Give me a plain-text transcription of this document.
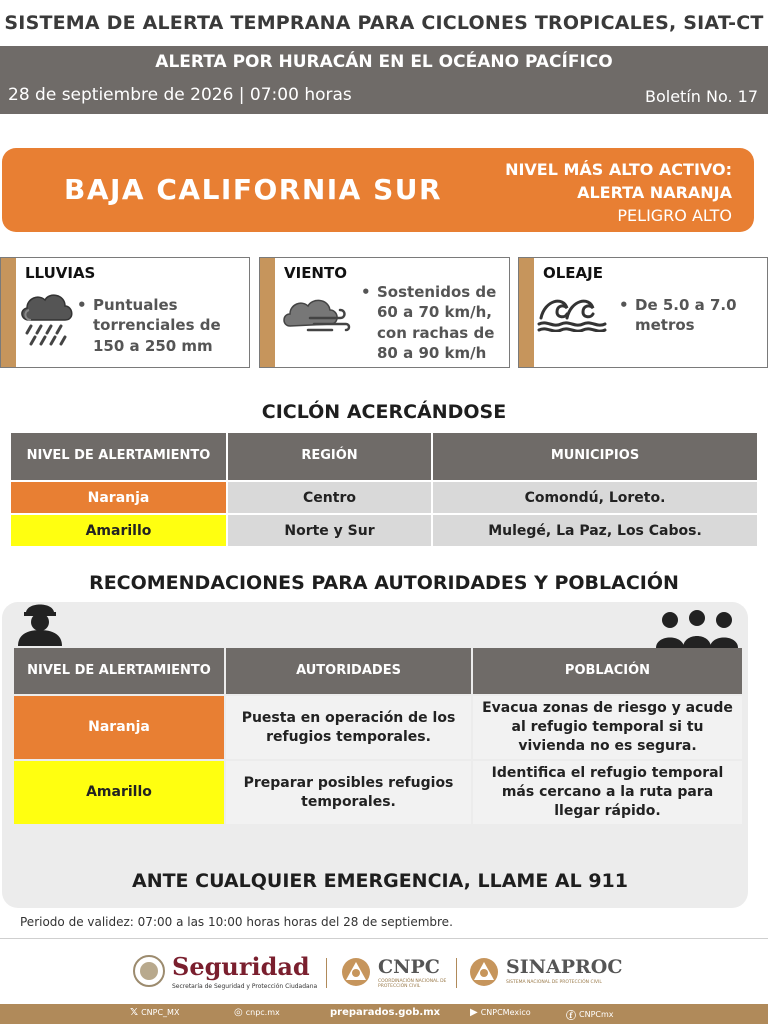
SISTEMA DE ALERTA TEMPRANA PARA CICLONES TROPICALES, SIAT-CT
ALERTA POR HURACÁN EN EL OCÉANO PACÍFICO
28 de septiembre de 2026 | 07:00 horas	Boletín No. 17
BAJA CALIFORNIA SUR
NIVEL MÁS ALTO ACTIVO:
ALERTA NARANJA
PELIGRO ALTO
LLUVIAS
• Puntuales
torrenciales de
150 a 250 mm
VIENTO
• Sostenidos de
60 a 70 km/h,
con rachas de
80 a 90 km/h
OLEAJE
• De 5.0 a 7.0
metros
CICLÓN ACERCÁNDOSE
NIVEL DE ALERTAMIENTO	REGIÓN	MUNICIPIOS
Naranja	Centro	Comondú, Loreto.
Amarillo	Norte y Sur	Mulegé, La Paz, Los Cabos.
RECOMENDACIONES PARA AUTORIDADES Y POBLACIÓN
NIVEL DE ALERTAMIENTO	AUTORIDADES	POBLACIÓN
Naranja	Puesta en operación de los refugios temporales.	Evacua zonas de riesgo y acude al refugio temporal si tu vivienda no es segura.
Amarillo	Preparar posibles refugios temporales.	Identifica el refugio temporal más cercano a la ruta para llegar rápido.
ANTE CUALQUIER EMERGENCIA, LLAME AL 911
Periodo de validez: 07:00 a las 10:00 horas horas del 28 de septiembre.
Seguridad
Secretaría de Seguridad y Protección Ciudadana
CNPC
COORDINACIÓN NACIONAL DE PROTECCIÓN CIVIL
SINAPROC
SISTEMA NACIONAL DE PROTECCIÓN CIVIL
𝕏 CNPC_MX	◎ cnpc.mx	preparados.gob.mx	▶ CNPCMexico	ⓕ CNPCmx
